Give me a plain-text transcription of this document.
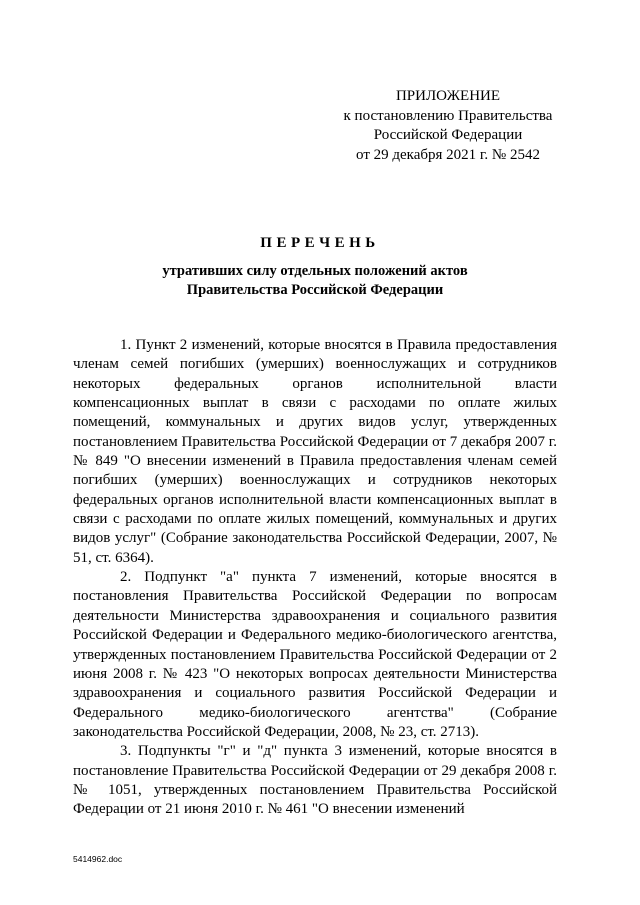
ПРИЛОЖЕНИЕ
к постановлению Правительства
Российской Федерации
от 29 декабря 2021 г. № 2542
ПЕРЕЧЕНЬ
утративших силу отдельных положений актов
Правительства Российской Федерации

1. Пункт 2 изменений, которые вносятся в Правила предоставления членам семей погибших (умерших) военнослужащих и сотрудников некоторых федеральных органов исполнительной власти компенсационных выплат в связи с расходами по оплате жилых помещений, коммунальных и других видов услуг, утвержденных постановлением Правительства Российской Федерации от 7 декабря 2007 г. № 849 "О внесении изменений в Правила предоставления членам семей погибших (умерших) военнослужащих и сотрудников некоторых федеральных органов исполнительной власти компенсационных выплат в связи с расходами по оплате жилых помещений, коммунальных и других видов услуг" (Собрание законодательства Российской Федерации, 2007, № 51, ст. 6364).

2. Подпункт "а" пункта 7 изменений, которые вносятся в постановления Правительства Российской Федерации по вопросам деятельности Министерства здравоохранения и социального развития Российской Федерации и Федерального медико-биологического агентства, утвержденных постановлением Правительства Российской Федерации от 2 июня 2008 г. № 423 "О некоторых вопросах деятельности Министерства здравоохранения и социального развития Российской Федерации и Федерального медико-биологического агентства" (Собрание законодательства Российской Федерации, 2008, № 23, ст. 2713).

3. Подпункты "г" и "д" пункта 3 изменений, которые вносятся в постановление Правительства Российской Федерации от 29 декабря 2008 г. № 1051, утвержденных постановлением Правительства Российской Федерации от 21 июня 2010 г. № 461 "О внесении изменений

5414962.doc
